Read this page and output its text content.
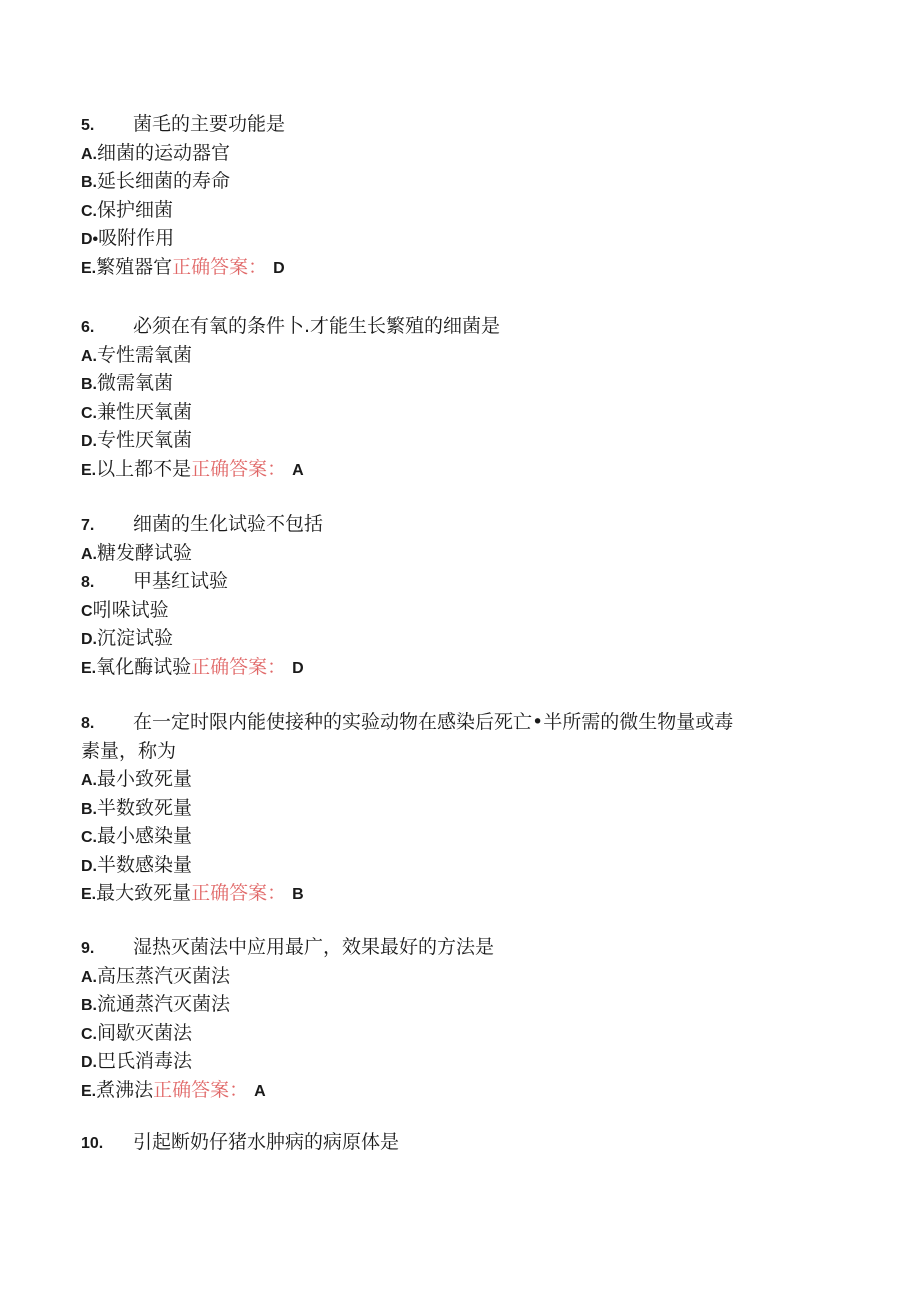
5.	菌毛的主要功能是
A.细菌的运动器官
B.延长细菌的寿命
C.保护细菌
D•吸附作用
E.繁殖器官正确答案： D
6.	必须在有氧的条件卜.才能生长繁殖的细菌是
A.专性需氧菌
B.微需氧菌
C.兼性厌氧菌
D.专性厌氧菌
E.以上都不是正确答案： A
7.	细菌的生化试验不包括
A.糖发酵试验
8.	甲基红试验
C吲哚试验
D.沉淀试验
E.氧化酶试验正确答案： D
8.	在一定时限内能使接种的实验动物在感染后死亡•半所需的微生物量或毒
素量，称为
A.最小致死量
B.半数致死量
C.最小感染量
D.半数感染量
E.最大致死量正确答案： B
9.	湿热灭菌法中应用最广，效果最好的方法是
A.高压蒸汽灭菌法
B.流通蒸汽灭菌法
C.间歇灭菌法
D.巴氏消毒法
E.煮沸法正确答案： A
10.	引起断奶仔猪水肿病的病原体是
